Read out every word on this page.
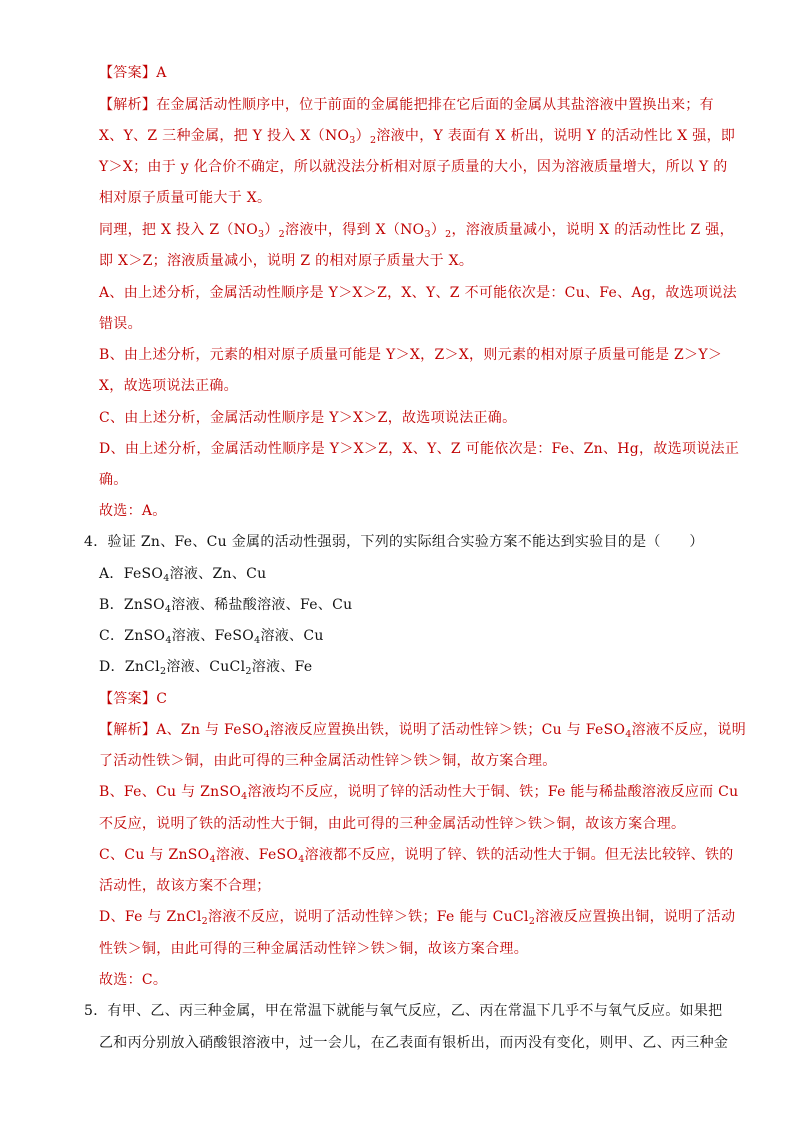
【答案】A
【解析】在金属活动性顺序中，位于前面的金属能把排在它后面的金属从其盐溶液中置换出来；有
X、Y、Z 三种金属，把 Y 投入 $X(NO_3)_2$溶液中，Y 表面有 X 析出，说明 Y 的活动性比 X 强，即
Y＞X；由于 y 化合价不确定，所以就没法分析相对原子质量的大小，因为溶液质量增大，所以 Y 的
相对原子质量可能大于 X。
同理，把 X 投入 $Z(NO_3)_2$溶液中，得到 $X(NO_3)_2$，溶液质量减小，说明 X 的活动性比 Z 强，
即 X＞Z；溶液质量减小，说明 Z 的相对原子质量大于 X。
A、由上述分析，金属活动性顺序是 Y＞X＞Z，X、Y、Z 不可能依次是：Cu、Fe、Ag，故选项说法
错误。
B、由上述分析，元素的相对原子质量可能是 Y＞X，Z＞X，则元素的相对原子质量可能是 Z＞Y＞
X，故选项说法正确。
C、由上述分析，金属活动性顺序是 Y＞X＞Z，故选项说法正确。
D、由上述分析，金属活动性顺序是 Y＞X＞Z，X、Y、Z 可能依次是：Fe、Zn、Hg，故选项说法正
确。
故选：A。
4．验证 Zn、Fe、Cu 金属的活动性强弱，下列的实际组合实验方案不能达到实验目的是（　　）
A．FeSO$_4$溶液、Zn、Cu
B．ZnSO$_4$溶液、稀盐酸溶液、Fe、Cu
C．ZnSO$_4$溶液、FeSO$_4$溶液、Cu
D．ZnCl$_2$溶液、CuCl$_2$溶液、Fe
【答案】C
【解析】A、Zn 与 FeSO$_4$溶液反应置换出铁，说明了活动性锌＞铁；Cu 与 FeSO$_4$溶液不反应，说明
了活动性铁＞铜，由此可得的三种金属活动性锌＞铁＞铜，故方案合理。
B、Fe、Cu 与 ZnSO$_4$溶液均不反应，说明了锌的活动性大于铜、铁；Fe 能与稀盐酸溶液反应而 Cu
不反应，说明了铁的活动性大于铜，由此可得的三种金属活动性锌＞铁＞铜，故该方案合理。
C、Cu 与 ZnSO$_4$溶液、FeSO$_4$溶液都不反应，说明了锌、铁的活动性大于铜。但无法比较锌、铁的
活动性，故该方案不合理；
D、Fe 与 ZnCl$_2$溶液不反应，说明了活动性锌＞铁；Fe 能与 CuCl$_2$溶液反应置换出铜，说明了活动
性铁＞铜，由此可得的三种金属活动性锌＞铁＞铜，故该方案合理。
故选：C。
5．有甲、乙、丙三种金属，甲在常温下就能与氧气反应，乙、丙在常温下几乎不与氧气反应。如果把
乙和丙分别放入硝酸银溶液中，过一会儿，在乙表面有银析出，而丙没有变化，则甲、乙、丙三种金
